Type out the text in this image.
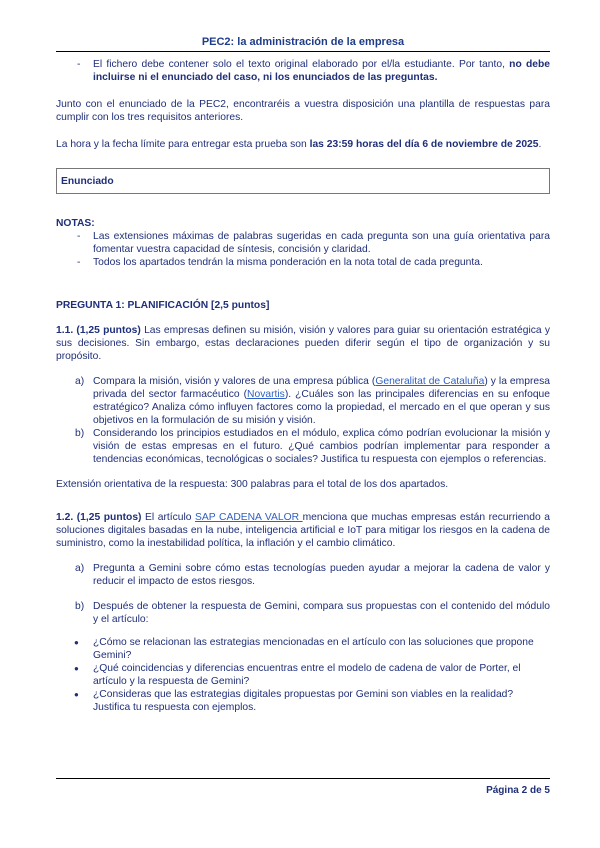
PEC2: la administración de la empresa
- El fichero debe contener solo el texto original elaborado por el/la estudiante. Por tanto, no debe incluirse ni el enunciado del caso, ni los enunciados de las preguntas.

Junto con el enunciado de la PEC2, encontraréis a vuestra disposición una plantilla de respuestas para cumplir con los tres requisitos anteriores.

La hora y la fecha límite para entregar esta prueba son las 23:59 horas del día 6 de noviembre de 2025.

Enunciado

NOTAS:

- Las extensiones máximas de palabras sugeridas en cada pregunta son una guía orientativa para fomentar vuestra capacidad de síntesis, concisión y claridad.
- Todos los apartados tendrán la misma ponderación en la nota total de cada pregunta.

PREGUNTA 1: PLANIFICACIÓN [2,5 puntos]

1.1. (1,25 puntos) Las empresas definen su misión, visión y valores para guiar su orientación estratégica y sus decisiones. Sin embargo, estas declaraciones pueden diferir según el tipo de organización y su propósito.

a) Compara la misión, visión y valores de una empresa pública (Generalitat de Cataluña) y la empresa privada del sector farmacéutico (Novartis). ¿Cuáles son las principales diferencias en su enfoque estratégico? Analiza cómo influyen factores como la propiedad, el mercado en el que operan y sus objetivos en la formulación de su misión y visión.
b) Considerando los principios estudiados en el módulo, explica cómo podrían evolucionar la misión y visión de estas empresas en el futuro. ¿Qué cambios podrían implementar para responder a tendencias económicas, tecnológicas o sociales? Justifica tu respuesta con ejemplos o referencias.

Extensión orientativa de la respuesta: 300 palabras para el total de los dos apartados.

1.2. (1,25 puntos) El artículo SAP CADENA VALOR menciona que muchas empresas están recurriendo a soluciones digitales basadas en la nube, inteligencia artificial e IoT para mitigar los riesgos en la cadena de suministro, como la inestabilidad política, la inflación y el cambio climático.

a) Pregunta a Gemini sobre cómo estas tecnologías pueden ayudar a mejorar la cadena de valor y reducir el impacto de estos riesgos.
b) Después de obtener la respuesta de Gemini, compara sus propuestas con el contenido del módulo y el artículo:
● ¿Cómo se relacionan las estrategias mencionadas en el artículo con las soluciones que propone Gemini?
● ¿Qué coincidencias y diferencias encuentras entre el modelo de cadena de valor de Porter, el artículo y la respuesta de Gemini?
● ¿Consideras que las estrategias digitales propuestas por Gemini son viables en la realidad? Justifica tu respuesta con ejemplos.
Página 2 de 5
